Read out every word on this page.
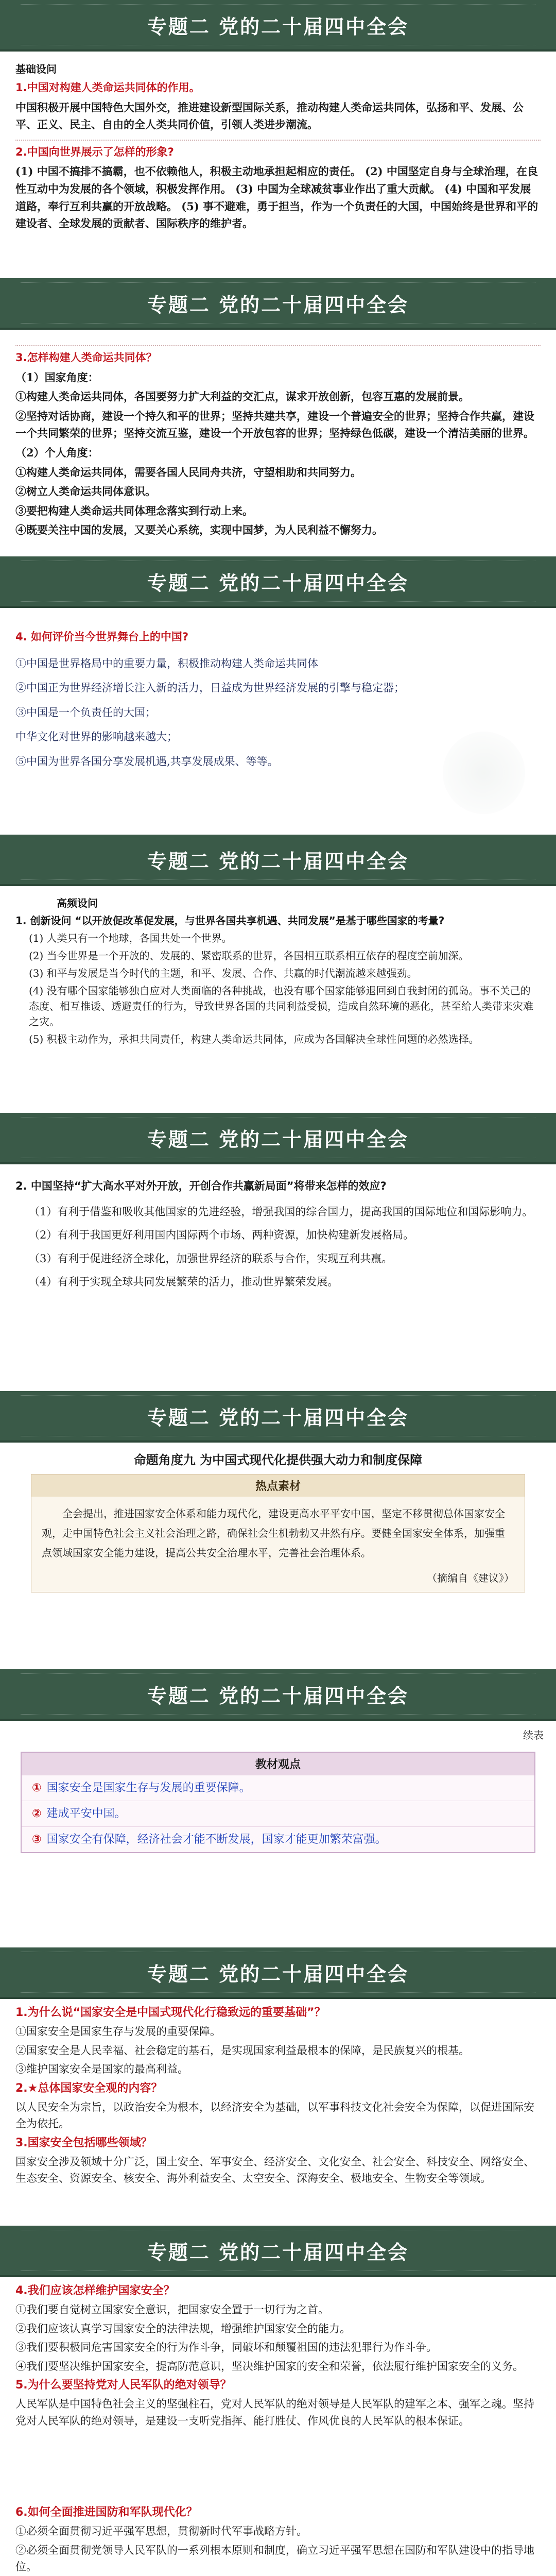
专题二 党的二十届四中全会

基础设问

1.中国对构建人类命运共同体的作用。

中国积极开展中国特色大国外交，推进建设新型国际关系，推动构建人类命运共同体，弘扬和平、发展、公平、正义、民主、自由的全人类共同价值，引领人类进步潮流。

2.中国向世界展示了怎样的形象?

(1) 中国不搞排不搞霸，也不依赖他人，积极主动地承担起相应的责任。 (2) 中国坚定自身与全球治理，在良性互动中为发展的各个领域，积极发挥作用。 (3) 中国为全球减贫事业作出了重大贡献。 (4) 中国和平发展道路，奉行互利共赢的开放战略。 (5) 事不避难，勇于担当，作为一个负责任的大国，中国始终是世界和平的建设者、全球发展的贡献者、国际秩序的维护者。

专题二 党的二十届四中全会

3.怎样构建人类命运共同体？

（1）国家角度：

①构建人类命运共同体，各国要努力扩大利益的交汇点，谋求开放创新，包容互惠的发展前景。

②坚持对话协商，建设一个持久和平的世界；坚持共建共享，建设一个普遍安全的世界；坚持合作共赢，建设一个共同繁荣的世界；坚持交流互鉴，建设一个开放包容的世界；坚持绿色低碳，建设一个清洁美丽的世界。

（2）个人角度：

①构建人类命运共同体，需要各国人民同舟共济，守望相助和共同努力。

②树立人类命运共同体意识。

③要把构建人类命运共同体理念落实到行动上来。

④既要关注中国的发展，又要关心系统，实现中国梦，为人民利益不懈努力。

专题二 党的二十届四中全会

4. 如何评价当今世界舞台上的中国?

①中国是世界格局中的重要力量，积极推动构建人类命运共同体

②中国正为世界经济增长注入新的活力，日益成为世界经济发展的引擎与稳定器；

③中国是一个负责任的大国；

中华文化对世界的影响越来越大；

⑤中国为世界各国分享发展机遇,共享发展成果、等等。

专题二 党的二十届四中全会

高频设问

1. 创新设问 “以开放促改革促发展，与世界各国共享机遇、共同发展”是基于哪些国家的考量?

(1) 人类只有一个地球，各国共处一个世界。

(2) 当今世界是一个开放的、发展的、紧密联系的世界，各国相互联系相互依存的程度空前加深。

(3) 和平与发展是当今时代的主题，和平、发展、合作、共赢的时代潮流越来越强劲。

(4) 没有哪个国家能够独自应对人类面临的各种挑战，也没有哪个国家能够退回到自我封闭的孤岛。事不关己的态度、相互推诿、透避责任的行为，导致世界各国的共同利益受损，造成自然环境的恶化，甚至给人类带来灾难之灾。

(5) 积极主动作为，承担共同责任，构建人类命运共同体，应成为各国解决全球性问题的必然选择。

专题二 党的二十届四中全会

2. 中国坚持“扩大高水平对外开放，开创合作共赢新局面”将带来怎样的效应?

（1）有利于借鉴和吸收其他国家的先进经验，增强我国的综合国力，提高我国的国际地位和国际影响力。

（2）有利于我国更好利用国内国际两个市场、两种资源，加快构建新发展格局。

（3）有利于促进经济全球化，加强世界经济的联系与合作，实现互利共赢。

（4）有利于实现全球共同发展繁荣的活力，推动世界繁荣发展。

专题二 党的二十届四中全会
命题角度九 为中国式现代化提供强大动力和制度保障
热点素材
全会提出，推进国家安全体系和能力现代化，建设更高水平平安中国，坚定不移贯彻总体国家安全观，走中国特色社会主义社会治理之路，确保社会生机勃勃又井然有序。要健全国家安全体系，加强重点领域国家安全能力建设，提高公共安全治理水平，完善社会治理体系。
（摘编自《建议》）
专题二 党的二十届四中全会
续表
教材观点
① 国家安全是国家生存与发展的重要保障。
② 建成平安中国。
③ 国家安全有保障，经济社会才能不断发展，国家才能更加繁荣富强。
专题二 党的二十届四中全会

1.为什么说“国家安全是中国式现代化行稳致远的重要基础”？

①国家安全是国家生存与发展的重要保障。

②国家安全是人民幸福、社会稳定的基石，是实现国家利益最根本的保障，是民族复兴的根基。

③维护国家安全是国家的最高利益。

2.★总体国家安全观的内容？

以人民安全为宗旨，以政治安全为根本，以经济安全为基础，以军事科技文化社会安全为保障，以促进国际安全为依托。

3.国家安全包括哪些领域？

国家安全涉及领域十分广泛，国土安全、军事安全、经济安全、文化安全、社会安全、科技安全、网络安全、生态安全、资源安全、核安全、海外利益安全、太空安全、深海安全、极地安全、生物安全等领域。

专题二 党的二十届四中全会

4.我们应该怎样维护国家安全？

①我们要自觉树立国家安全意识，把国家安全置于一切行为之首。

②我们应该认真学习国家安全的法律法规，增强维护国家安全的能力。

③我们要积极同危害国家安全的行为作斗争，同破坏和颠覆祖国的违法犯罪行为作斗争。

④我们要坚决维护国家安全，提高防范意识，坚决维护国家的安全和荣誉，依法履行维护国家安全的义务。

5.为什么要坚持党对人民军队的绝对领导？

人民军队是中国特色社会主义的坚强柱石，党对人民军队的绝对领导是人民军队的建军之本、强军之魂。坚持党对人民军队的绝对领导，是建设一支听党指挥、能打胜仗、作风优良的人民军队的根本保证。

6.如何全面推进国防和军队现代化？

①必须全面贯彻习近平强军思想，贯彻新时代军事战略方针。

②必须全面贯彻党领导人民军队的一系列根本原则和制度，确立习近平强军思想在国防和军队建设中的指导地位。
